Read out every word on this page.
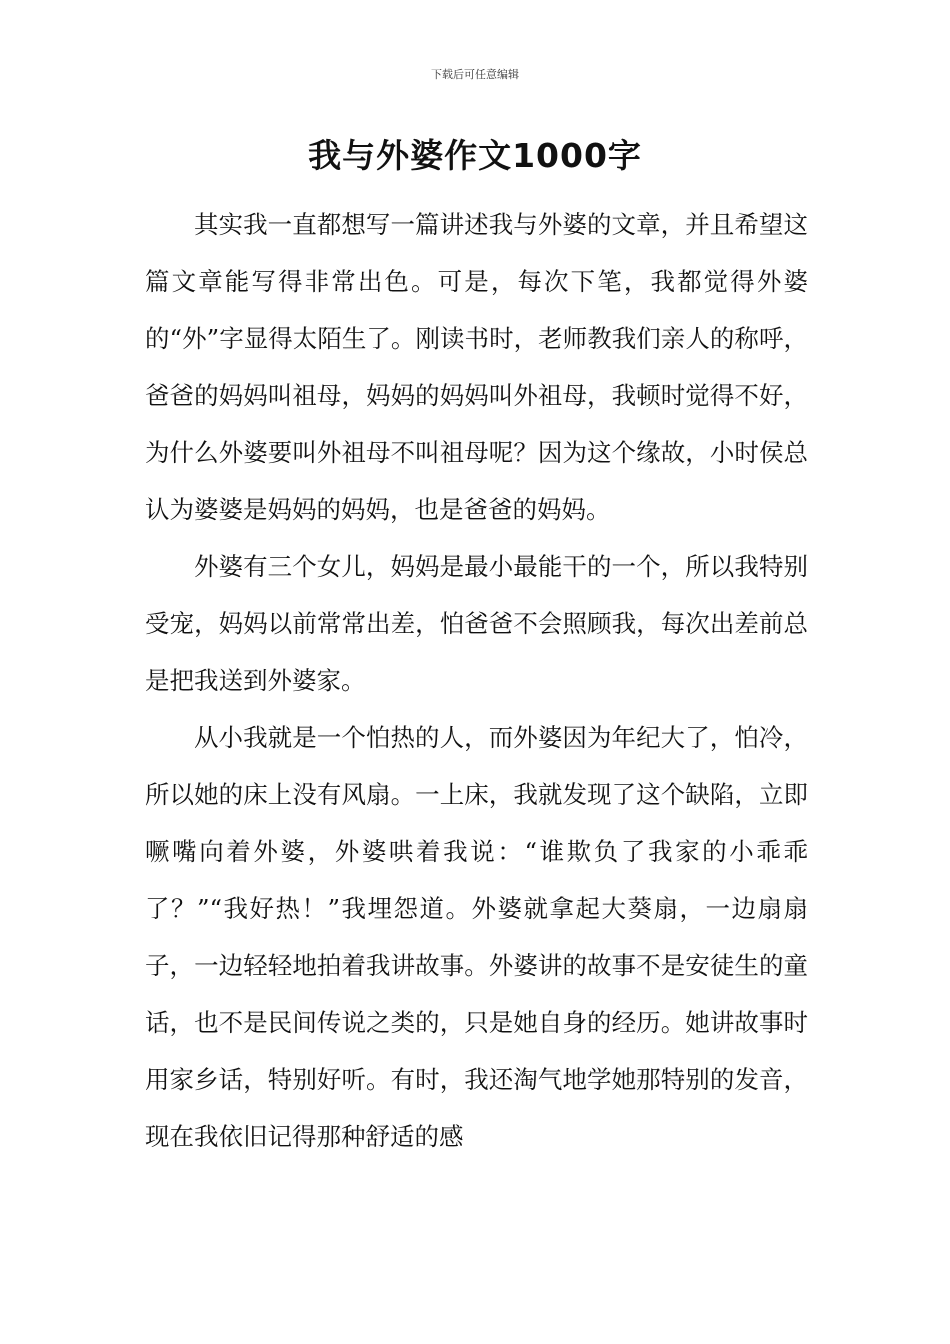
下载后可任意编辑
我与外婆作文1000字

其实我一直都想写一篇讲述我与外婆的文章，并且希望这篇文章能写得非常出色。可是，每次下笔，我都觉得外婆的“外”字显得太陌生了。刚读书时，老师教我们亲人的称呼，爸爸的妈妈叫祖母，妈妈的妈妈叫外祖母，我顿时觉得不好，为什么外婆要叫外祖母不叫祖母呢？因为这个缘故，小时侯总认为婆婆是妈妈的妈妈，也是爸爸的妈妈。

外婆有三个女儿，妈妈是最小最能干的一个，所以我特别受宠，妈妈以前常常出差，怕爸爸不会照顾我，每次出差前总是把我送到外婆家。

从小我就是一个怕热的人，而外婆因为年纪大了，怕冷，所以她的床上没有风扇。一上床，我就发现了这个缺陷，立即噘嘴向着外婆，外婆哄着我说：“谁欺负了我家的小乖乖了？”“我好热！”我埋怨道。外婆就拿起大葵扇，一边扇扇子，一边轻轻地拍着我讲故事。外婆讲的故事不是安徒生的童话，也不是民间传说之类的，只是她自身的经历。她讲故事时用家乡话，特别好听。有时，我还淘气地学她那特别的发音，现在我依旧记得那种舒适的感
